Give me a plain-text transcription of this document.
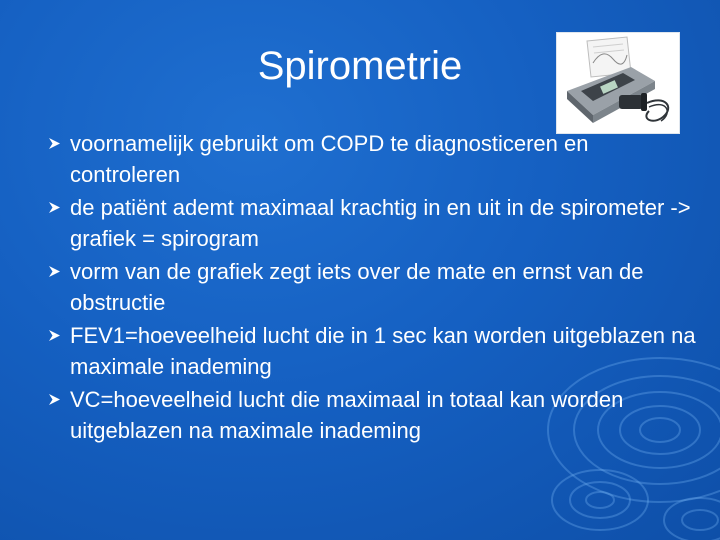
Spirometrie
voornamelijk gebruikt om COPD te diagnosticeren en controleren
de patiënt ademt maximaal krachtig in en uit in de spirometer -> grafiek = spirogram
vorm van de grafiek zegt iets over de mate en ernst van de obstructie
FEV1=hoeveelheid lucht die in 1 sec kan worden uitgeblazen na maximale inademing
VC=hoeveelheid lucht die maximaal in totaal kan worden uitgeblazen na maximale inademing
